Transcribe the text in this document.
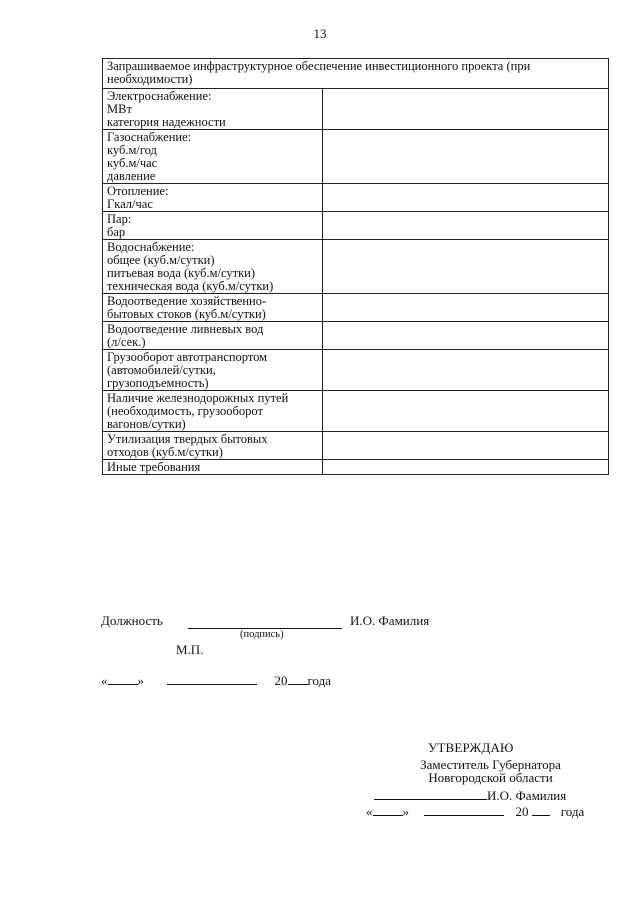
13
Запрашиваемое инфраструктурное обеспечение инвестиционного проекта (при необходимости)	

Электроснабжение:
МВт
категория надежности	

Газоснабжение:
куб.м/год
куб.м/час
давление	

Отопление:
Гкал/час	

Пар:
бар	

Водоснабжение:
общее (куб.м/сутки)
питьевая вода (куб.м/сутки)
техническая вода (куб.м/сутки)	

Водоотведение хозяйственно-
бытовых стоков (куб.м/сутки)	

Водоотведение ливневых вод
(л/сек.)	

Грузооборот автотранспортом
(автомобилей/сутки,
грузоподъемность)	

Наличие железнодорожных путей
(необходимость, грузооборот
вагонов/сутки)	

Утилизация твердых бытовых
отходов (куб.м/сутки)	

Иные требования	

Должность	И.О. Фамилия
(подпись)
М.П.
« »	20 года
УТВЕРЖДАЮ
Заместитель Губернатора
Новгородской области
И.О. Фамилия
« »	20 года
